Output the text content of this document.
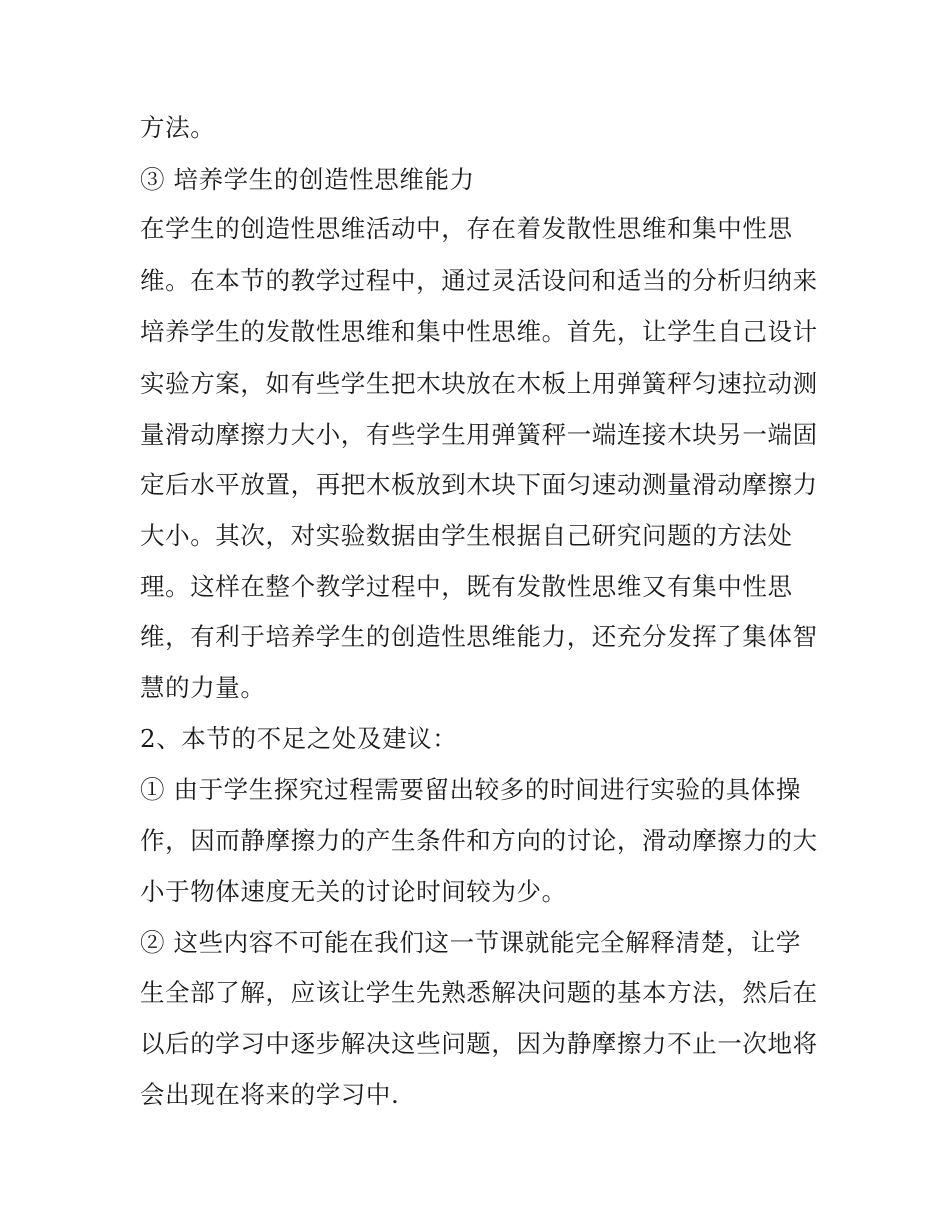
方法。
③ 培养学生的创造性思维能力
在学生的创造性思维活动中，存在着发散性思维和集中性思
维。在本节的教学过程中，通过灵活设问和适当的分析归纳来
培养学生的发散性思维和集中性思维。首先，让学生自己设计
实验方案，如有些学生把木块放在木板上用弹簧秤匀速拉动测
量滑动摩擦力大小，有些学生用弹簧秤一端连接木块另一端固
定后水平放置，再把木板放到木块下面匀速动测量滑动摩擦力
大小。其次，对实验数据由学生根据自己研究问题的方法处
理。这样在整个教学过程中，既有发散性思维又有集中性思
维，有利于培养学生的创造性思维能力，还充分发挥了集体智
慧的力量。
2、本节的不足之处及建议：
① 由于学生探究过程需要留出较多的时间进行实验的具体操
作，因而静摩擦力的产生条件和方向的讨论，滑动摩擦力的大
小于物体速度无关的讨论时间较为少。
② 这些内容不可能在我们这一节课就能完全解释清楚，让学
生全部了解，应该让学生先熟悉解决问题的基本方法，然后在
以后的学习中逐步解决这些问题，因为静摩擦力不止一次地将
会出现在将来的学习中.
